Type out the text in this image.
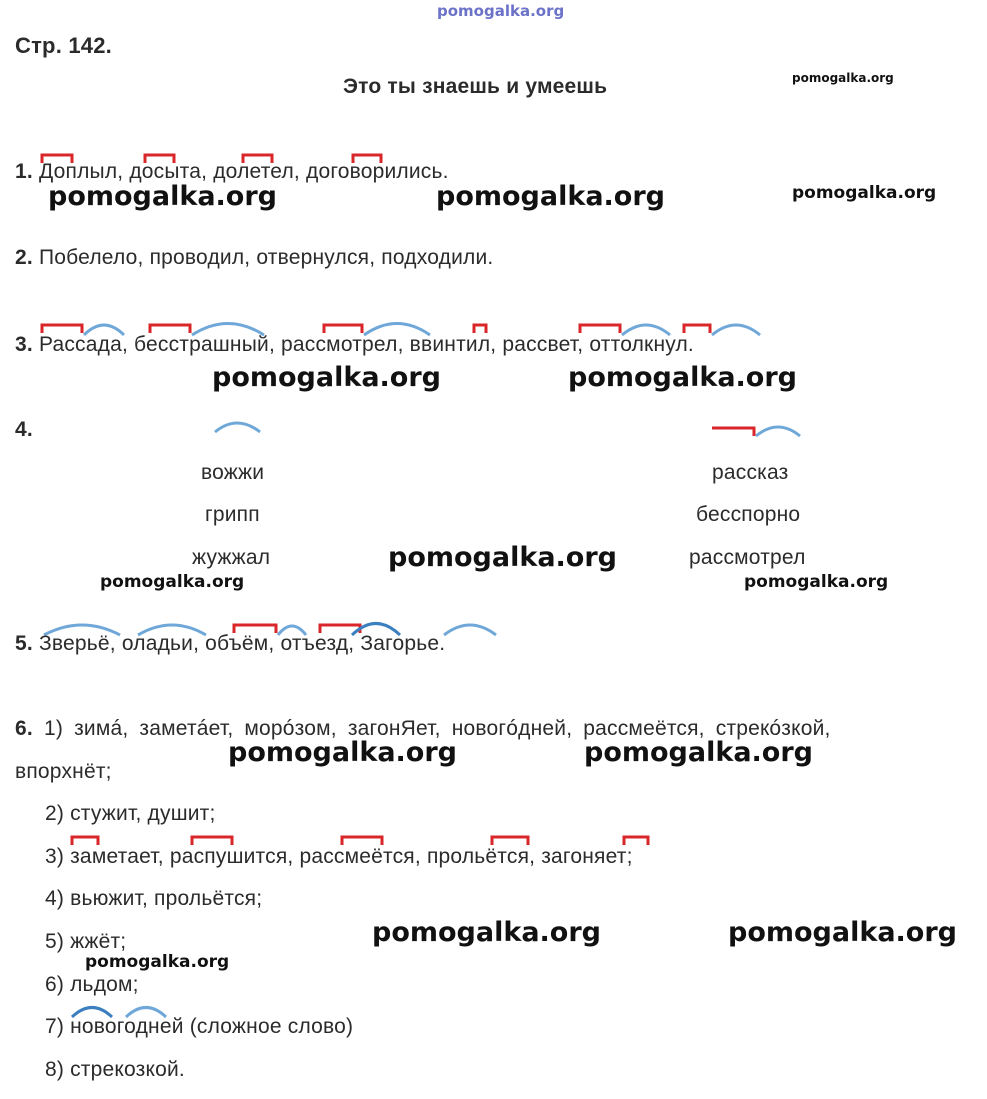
pomogalka.org
pomogalka.org
pomogalka.org	pomogalka.org	pomogalka.org
pomogalka.org	pomogalka.org
pomogalka.org
pomogalka.org	pomogalka.org
pomogalka.org	pomogalka.org
pomogalka.org	pomogalka.org
pomogalka.org
Стр. 142.
Это ты знаешь и умеешь
1. Доплыл, досыта, долетел, договорились.
2. Побелело, проводил, отвернулся, подходили.
3. Рассада, бесстрашный, рассмотрел, ввинтил, рассвет, оттолкнул.
4.
вожжи
грипп
жужжал
рассказ
бесспорно
рассмотрел
5. Зверьё, оладьи, объём, отъезд, Загорье.
6. 1) зимá, заметáет, морóзом, загонЯет, новогóдней, рассмеётся, стрекóзкой,
впорхнёт;
2) стужит, душит;
3) заметает, распушится, рассмеётся, прольётся, загоняет;
4) вьюжит, прольётся;
5) жжёт;
6) льдом;
7) новогодней (сложное слово)
8) стрекозкой.
